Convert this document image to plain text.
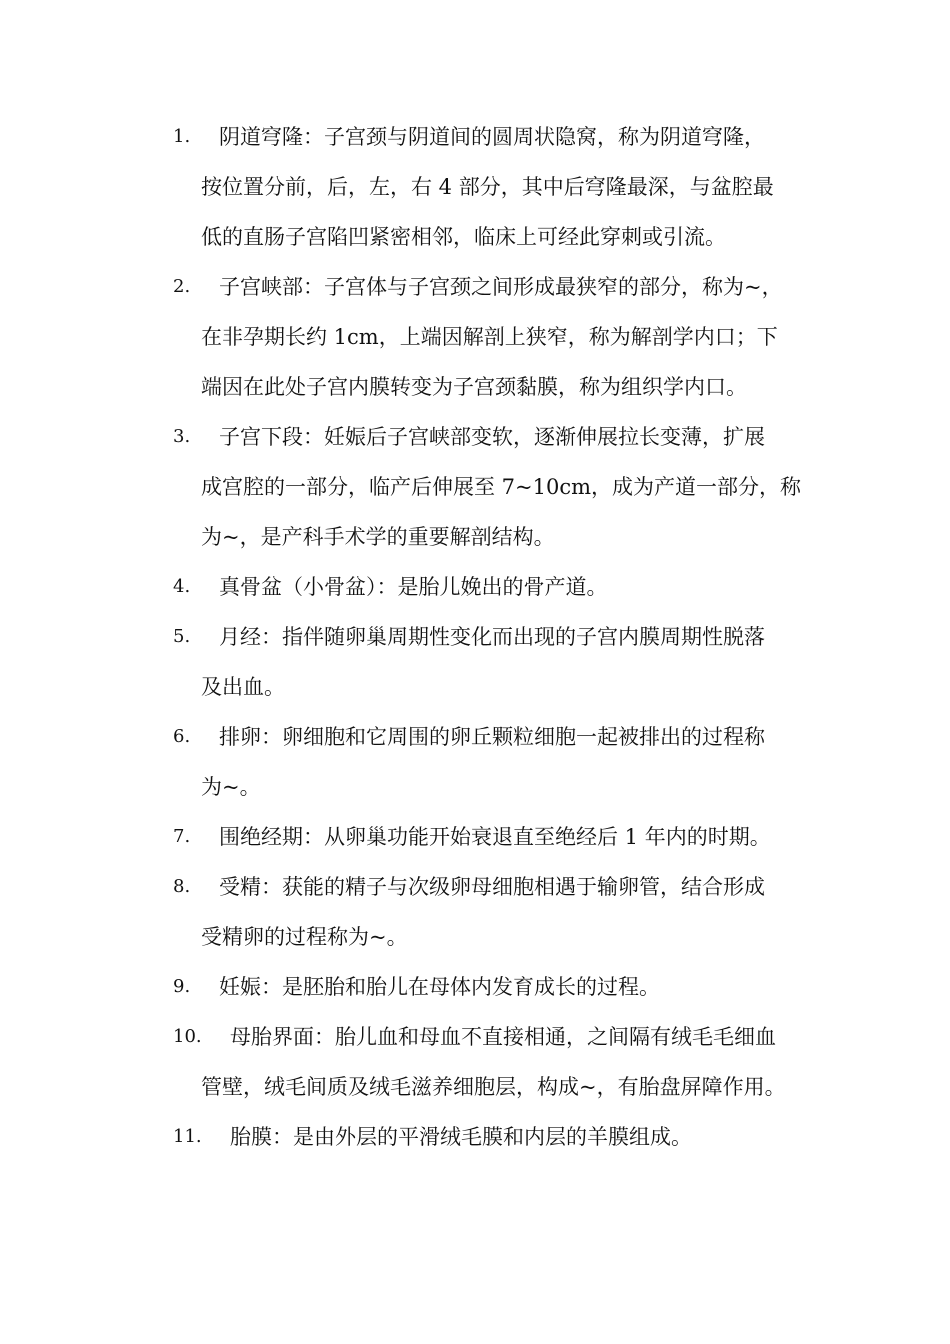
1.	阴道穹隆：子宫颈与阴道间的圆周状隐窝，称为阴道穹隆，
按位置分前，后，左，右 4 部分，其中后穹隆最深，与盆腔最
低的直肠子宫陷凹紧密相邻，临床上可经此穿刺或引流。
2.	子宫峡部：子宫体与子宫颈之间形成最狭窄的部分，称为~，
在非孕期长约 1cm，上端因解剖上狭窄，称为解剖学内口；下
端因在此处子宫内膜转变为子宫颈黏膜，称为组织学内口。
3.	子宫下段：妊娠后子宫峡部变软，逐渐伸展拉长变薄，扩展
成宫腔的一部分，临产后伸展至 7~10cm，成为产道一部分，称
为~，是产科手术学的重要解剖结构。
4.	真骨盆（小骨盆）：是胎儿娩出的骨产道。
5.	月经：指伴随卵巢周期性变化而出现的子宫内膜周期性脱落
及出血。
6.	排卵：卵细胞和它周围的卵丘颗粒细胞一起被排出的过程称
为~。
7.	围绝经期：从卵巢功能开始衰退直至绝经后 1 年内的时期。
8.	受精：获能的精子与次级卵母细胞相遇于输卵管，结合形成
受精卵的过程称为~。
9.	妊娠：是胚胎和胎儿在母体内发育成长的过程。
10.	母胎界面：胎儿血和母血不直接相通，之间隔有绒毛毛细血
管壁，绒毛间质及绒毛滋养细胞层，构成~，有胎盘屏障作用。
11.	胎膜：是由外层的平滑绒毛膜和内层的羊膜组成。
